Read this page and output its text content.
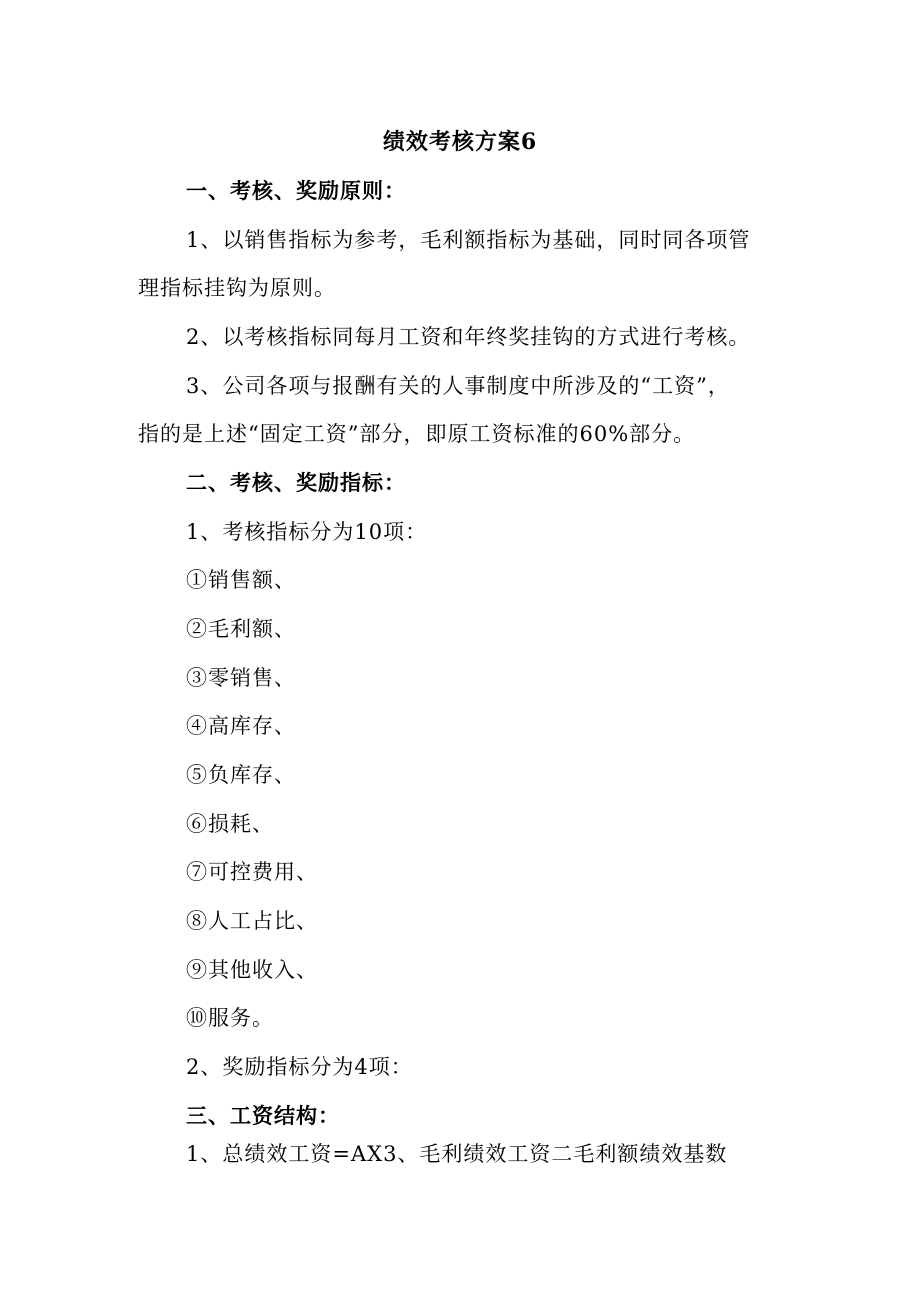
绩效考核方案6
一、考核、奖励原则：
1、以销售指标为参考，毛利额指标为基础，同时同各项管
理指标挂钩为原则。
2、以考核指标同每月工资和年终奖挂钩的方式进行考核。
3、公司各项与报酬有关的人事制度中所涉及的“工资”，
指的是上述“固定工资”部分，即原工资标准的60%部分。
二、考核、奖励指标：
1、考核指标分为10项：
①销售额、
②毛利额、
③零销售、
④高库存、
⑤负库存、
⑥损耗、
⑦可控费用、
⑧人工占比、
⑨其他收入、
⑩服务。
2、奖励指标分为4项：
三、工资结构：
1、总绩效工资=AX3、毛利绩效工资二毛利额绩效基数
